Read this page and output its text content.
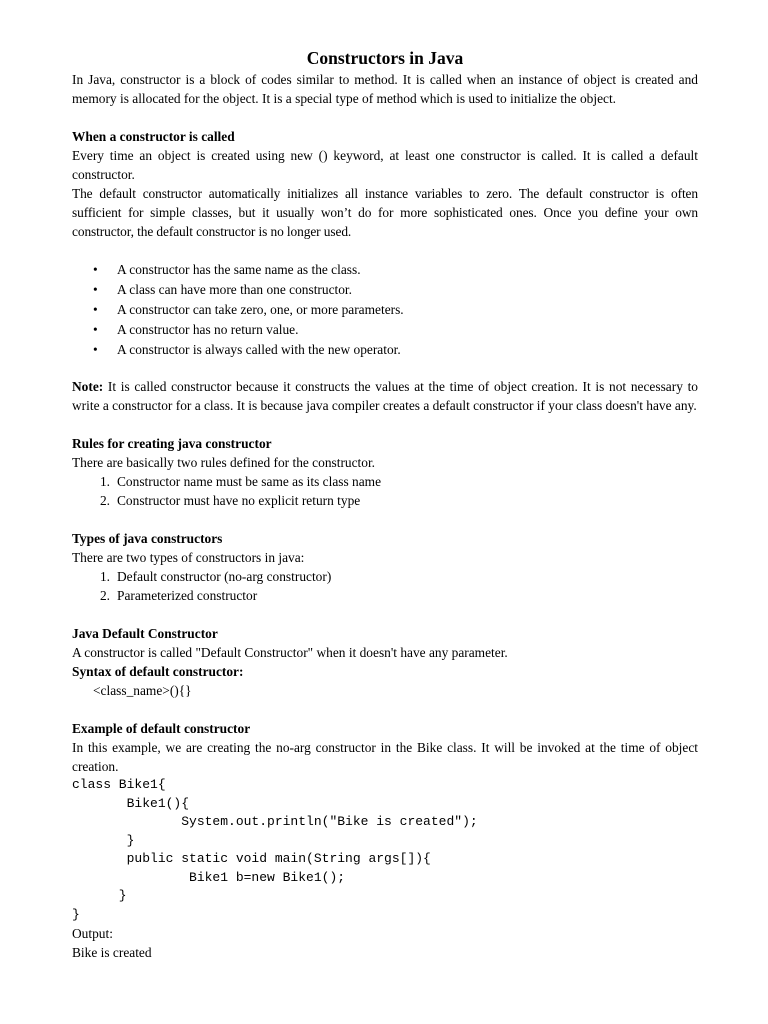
Constructors in Java

In Java, constructor is a block of codes similar to method. It is called when an instance of object is created and memory is allocated for the object. It is a special type of method which is used to initialize the object.

When a constructor is called

Every time an object is created using new () keyword, at least one constructor is called. It is called a default constructor.

The default constructor automatically initializes all instance variables to zero. The default constructor is often sufficient for simple classes, but it usually won’t do for more sophisticated ones. Once you define your own constructor, the default constructor is no longer used.

• A constructor has the same name as the class.
• A class can have more than one constructor.
• A constructor can take zero, one, or more parameters.
• A constructor has no return value.
• A constructor is always called with the new operator.

Note: It is called constructor because it constructs the values at the time of object creation. It is not necessary to write a constructor for a class. It is because java compiler creates a default constructor if your class doesn't have any.

Rules for creating java constructor

There are basically two rules defined for the constructor.

1. Constructor name must be same as its class name
2. Constructor must have no explicit return type
Types of java constructors

There are two types of constructors in java:

1. Default constructor (no-arg constructor)
2. Parameterized constructor
Java Default Constructor

A constructor is called "Default Constructor" when it doesn't have any parameter.

Syntax of default constructor:
<class_name>(){}
Example of default constructor

In this example, we are creating the no-arg constructor in the Bike class. It will be invoked at the time of object creation.

class Bike1{
Bike1(){
System.out.println("Bike is created");
}
public static void main(String args[]){
Bike1 b=new Bike1();
}
}
Output:
Bike is created
